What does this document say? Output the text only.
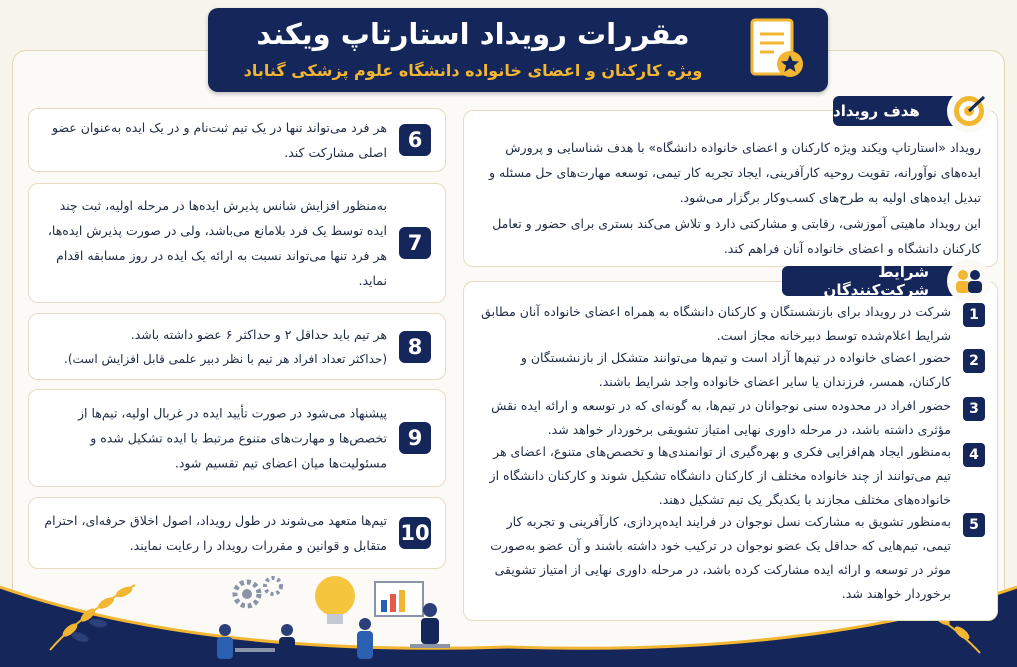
مقررات رویداد استارتاپ ویکند
ویژه کارکنان و اعضای خانواده دانشگاه علوم پزشکی گناباد
6
هر فرد می‌تواند تنها در یک تیم ثبت‌نام و در یک ایده به‌عنوان عضو اصلی مشارکت کند.
7
به‌منظور افزایش شانس پذیرش ایده‌ها در مرحله اولیه، ثبت چند ایده توسط یک فرد بلامانع می‌باشد، ولی در صورت پذیرش ایده‌ها، هر فرد تنها می‌تواند نسبت به ارائه یک ایده در روز مسابقه اقدام نماید.
8
هر تیم باید حداقل ۲ و حداکثر ۶ عضو داشته باشد.
(حداکثر تعداد افراد هر تیم با نظر دبیر علمی قابل افزایش است).
9
پیشنهاد می‌شود در صورت تأیید ایده در غربال اولیه، تیم‌ها از تخصص‌ها و مهارت‌های متنوع مرتبط با ایده تشکیل شده و مسئولیت‌ها میان اعضای تیم تقسیم شود.
10
تیم‌ها متعهد می‌شوند در طول رویداد، اصول اخلاق حرفه‌ای، احترام متقابل و قوانین و مقررات رویداد را رعایت نمایند.
رویداد «استارتاپ ویکند ویژه کارکنان و اعضای خانواده دانشگاه» با هدف شناسایی و پرورش ایده‌های نوآورانه، تقویت روحیه کارآفرینی، ایجاد تجربه کار تیمی، توسعه مهارت‌های حل مسئله و تبدیل ایده‌های اولیه به طرح‌های کسب‌وکار برگزار می‌شود.
این رویداد ماهیتی آموزشی، رقابتی و مشارکتی دارد و تلاش می‌کند بستری برای حضور و تعامل کارکنان دانشگاه و اعضای خانواده آنان فراهم کند.
هدف رویداد
1
شرکت در رویداد برای بازنشستگان و کارکنان دانشگاه به همراه اعضای خانواده آنان مطابق شرایط اعلام‌شده توسط دبیرخانه مجاز است.
2
حضور اعضای خانواده در تیم‌ها آزاد است و تیم‌ها می‌توانند متشکل از بازنشستگان و کارکنان، همسر، فرزندان یا سایر اعضای خانواده واجد شرایط باشند.
3
حضور افراد در محدوده سنی نوجوانان در تیم‌ها، به گونه‌ای که در توسعه و ارائه ایده نقش مؤثری داشته باشد، در مرحله داوری نهایی امتیاز تشویقی برخوردار خواهد شد.
4
به‌منظور ایجاد هم‌افزایی فکری و بهره‌گیری از توانمندی‌ها و تخصص‌های متنوع، اعضای هر تیم می‌توانند از چند خانواده مختلف از کارکنان دانشگاه تشکیل شوند و کارکنان دانشگاه از خانواده‌های مختلف مجازند با یکدیگر یک تیم تشکیل دهند.
5
به‌منظور تشویق به مشارکت نسل نوجوان در فرایند ایده‌پردازی، کارآفرینی و تجربه کار تیمی، تیم‌هایی که حداقل یک عضو نوجوان در ترکیب خود داشته باشند و آن عضو به‌صورت موثر در توسعه و ارائه ایده مشارکت کرده باشد، در مرحله داوری نهایی از امتیاز تشویقی برخوردار خواهند شد.
شرایط شرکت‌کنندگان
